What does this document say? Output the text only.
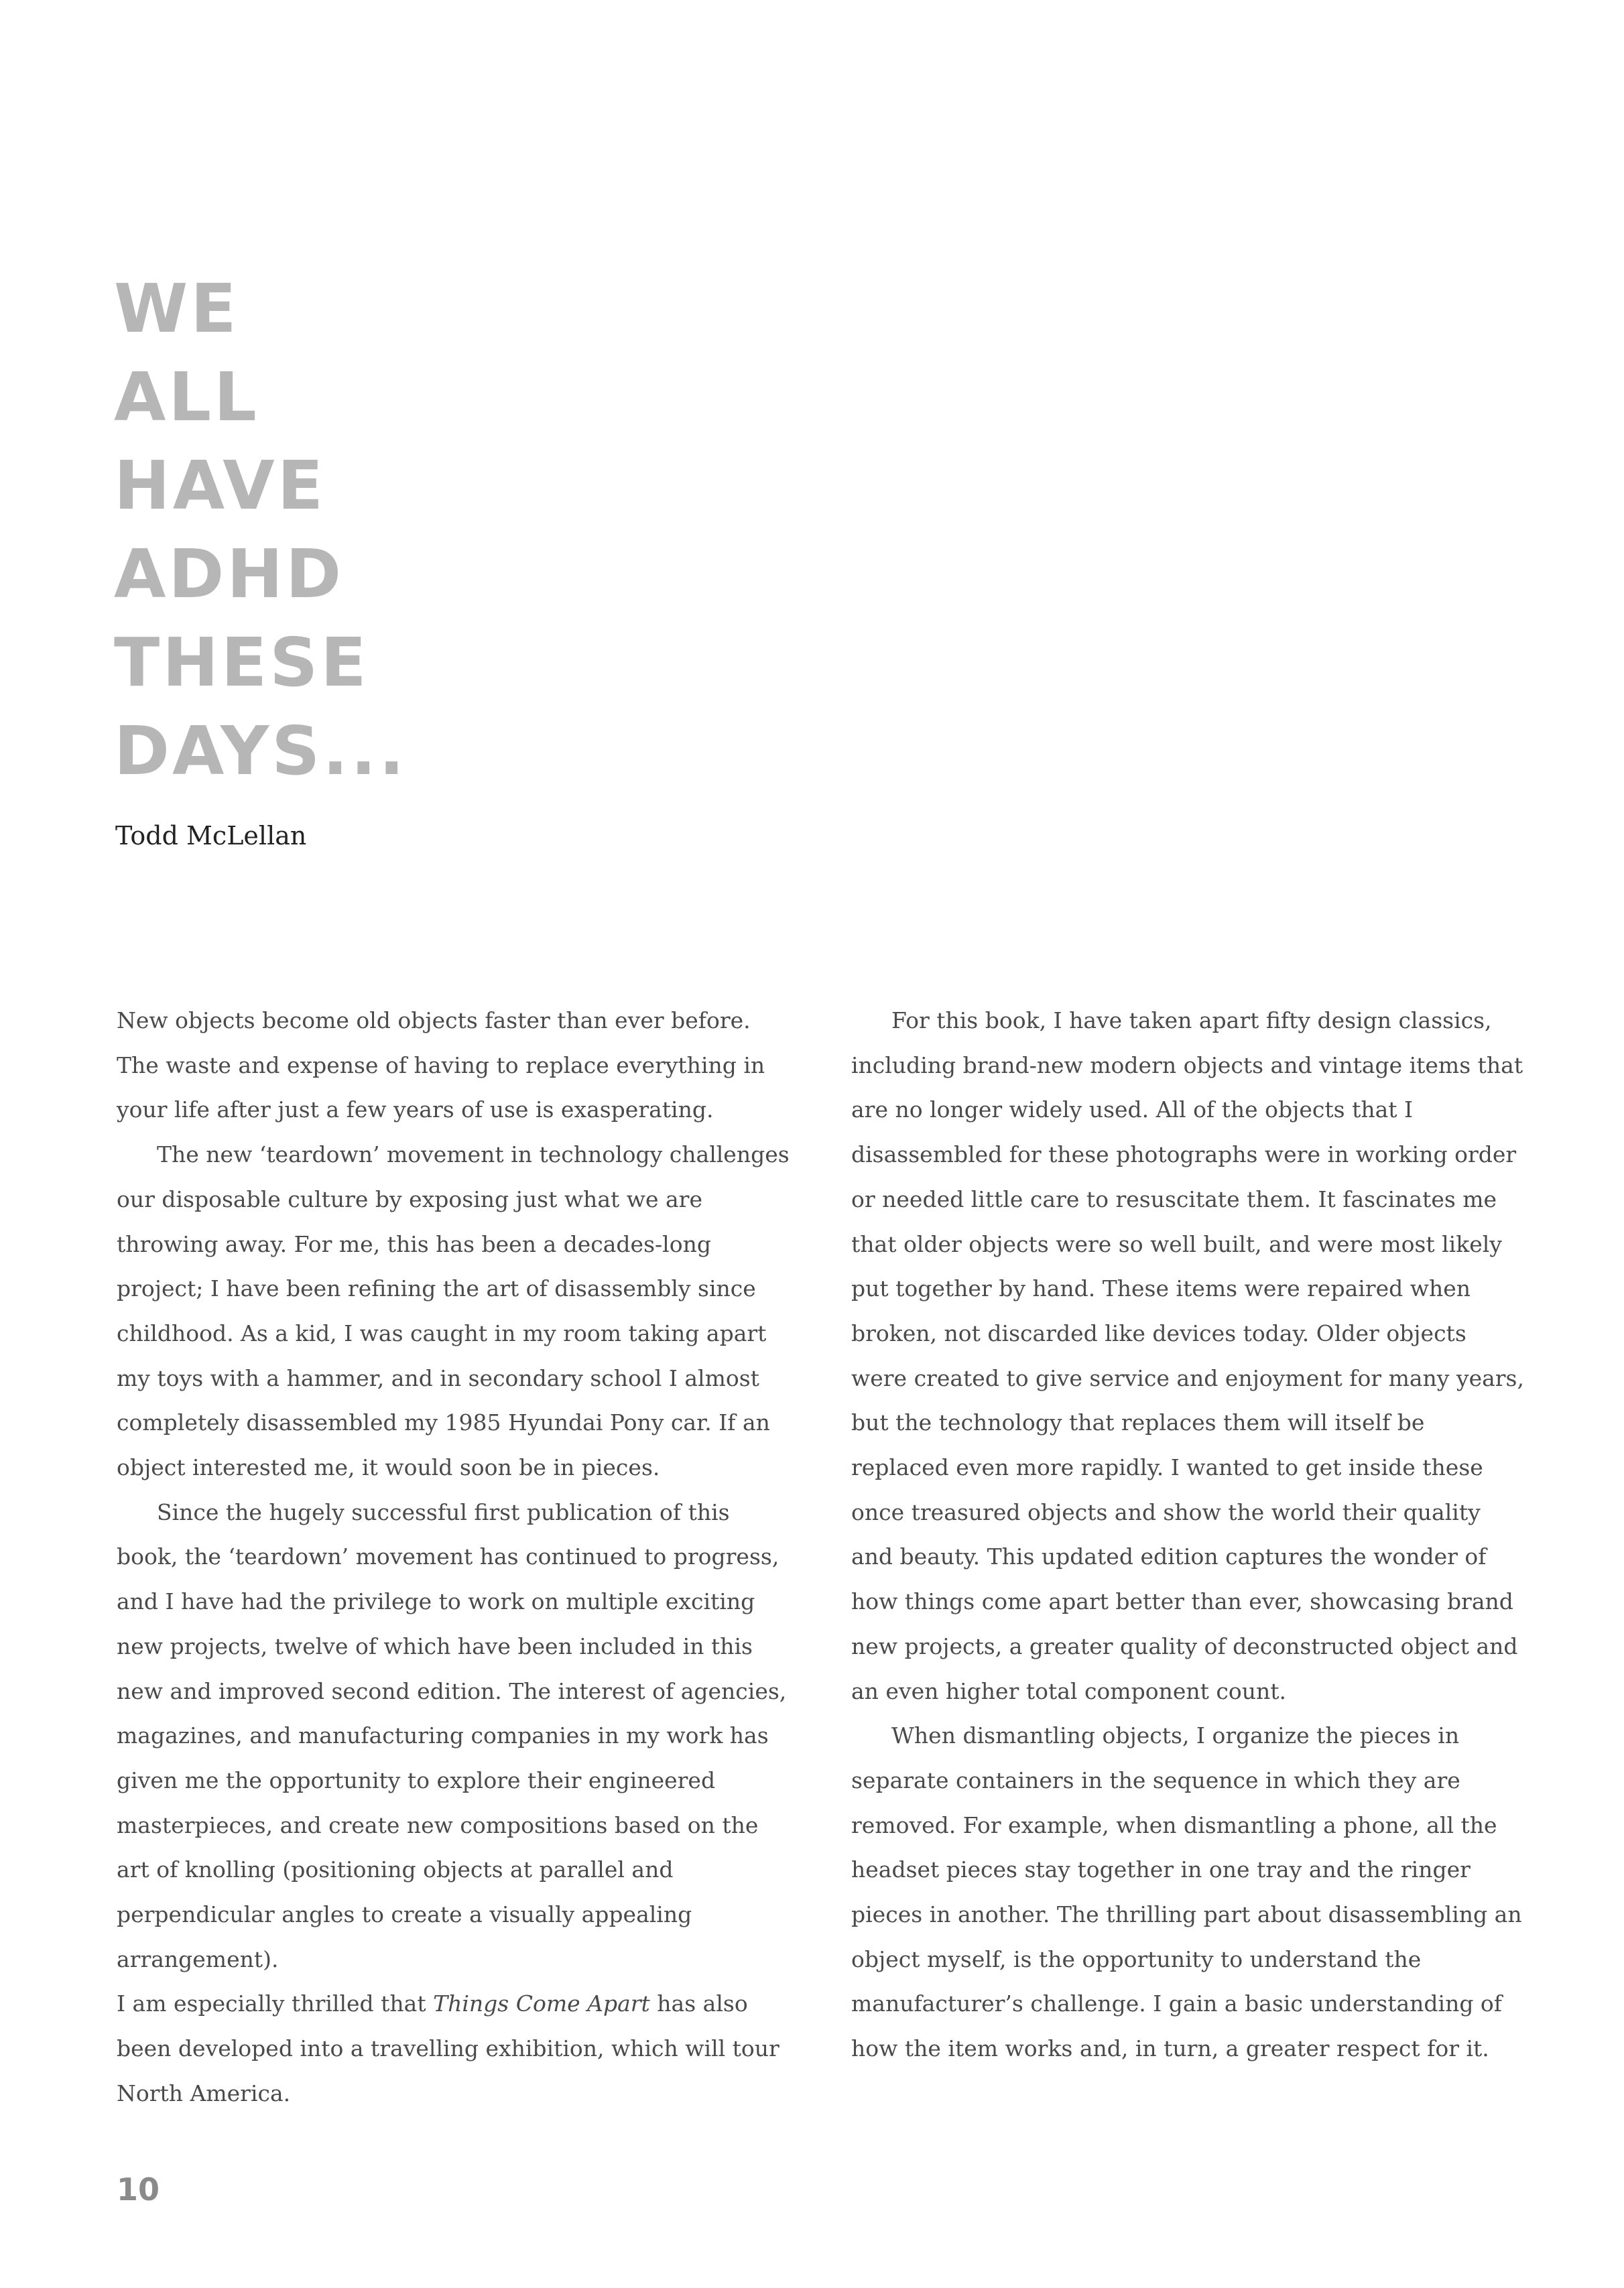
WE
ALL
HAVE
ADHD
THESE
DAYS...

Todd McLellan

New objects become old objects faster than ever before. The waste and expense of having to replace everything in your life after just a few years of use is exasperating.

The new ‘teardown’ movement in technology challenges our disposable culture by exposing just what we are throwing away. For me, this has been a decades-long project; I have been refining the art of disassembly since childhood. As a kid, I was caught in my room taking apart my toys with a hammer, and in secondary school I almost completely disassembled my 1985 Hyundai Pony car. If an object interested me, it would soon be in pieces.

Since the hugely successful first publication of this book, the ‘teardown’ movement has continued to progress, and I have had the privilege to work on multiple exciting new projects, twelve of which have been included in this new and improved second edition. The interest of agencies, magazines, and manufacturing companies in my work has given me the opportunity to explore their engineered masterpieces, and create new compositions based on the art of knolling (positioning objects at parallel and perpendicular angles to create a visually appealing arrangement).

I am especially thrilled that Things Come Apart has also been developed into a travelling exhibition, which will tour North America.

For this book, I have taken apart fifty design classics, including brand-new modern objects and vintage items that are no longer widely used. All of the objects that I disassembled for these photographs were in working order or needed little care to resuscitate them. It fascinates me that older objects were so well built, and were most likely put together by hand. These items were repaired when broken, not discarded like devices today. Older objects were created to give service and enjoyment for many years, but the technology that replaces them will itself be replaced even more rapidly. I wanted to get inside these once treasured objects and show the world their quality and beauty. This updated edition captures the wonder of how things come apart better than ever, showcasing brand new projects, a greater quality of deconstructed object and an even higher total component count.

When dismantling objects, I organize the pieces in separate containers in the sequence in which they are removed. For example, when dismantling a phone, all the headset pieces stay together in one tray and the ringer pieces in another. The thrilling part about disassembling an object myself, is the opportunity to understand the manufacturer’s challenge. I gain a basic understanding of how the item works and, in turn, a greater respect for it.

10
